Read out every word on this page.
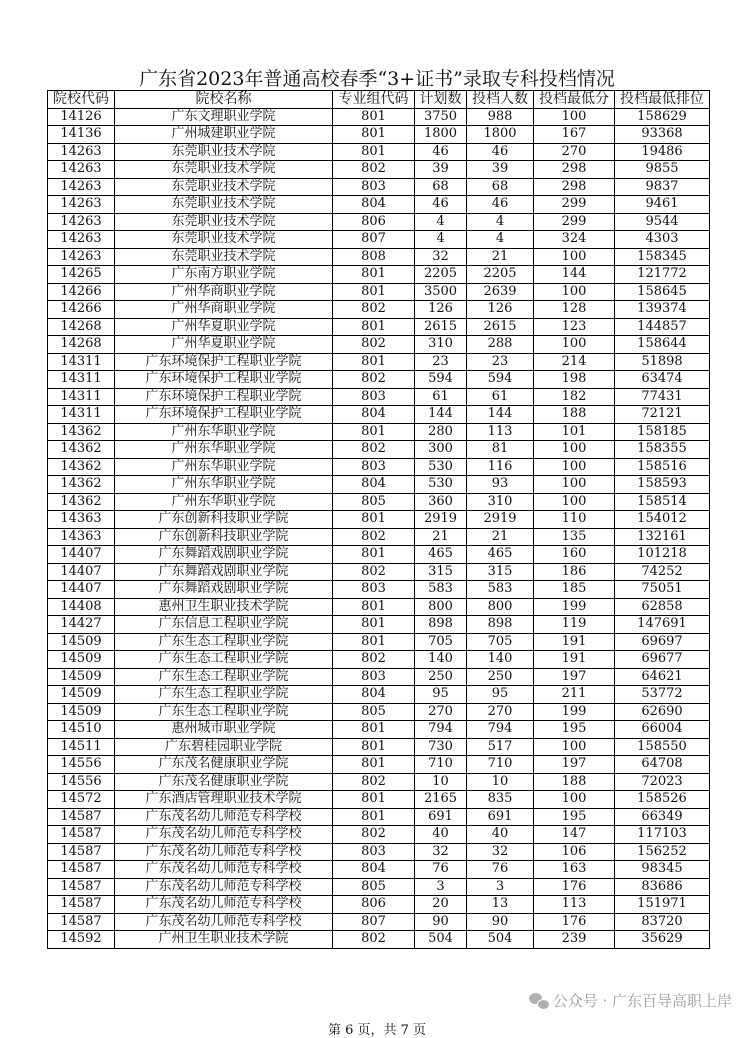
广东省2023年普通高校春季“3+证书”录取专科投档情况
院校代码	院校名称	专业组代码	计划数	投档人数	投档最低分	投档最低排位
14126	广东文理职业学院	801	3750	988	100	158629
14136	广州城建职业学院	801	1800	1800	167	93368
14263	东莞职业技术学院	801	46	46	270	19486
14263	东莞职业技术学院	802	39	39	298	9855
14263	东莞职业技术学院	803	68	68	298	9837
14263	东莞职业技术学院	804	46	46	299	9461
14263	东莞职业技术学院	806	4	4	299	9544
14263	东莞职业技术学院	807	4	4	324	4303
14263	东莞职业技术学院	808	32	21	100	158345
14265	广东南方职业学院	801	2205	2205	144	121772
14266	广州华商职业学院	801	3500	2639	100	158645
14266	广州华商职业学院	802	126	126	128	139374
14268	广州华夏职业学院	801	2615	2615	123	144857
14268	广州华夏职业学院	802	310	288	100	158644
14311	广东环境保护工程职业学院	801	23	23	214	51898
14311	广东环境保护工程职业学院	802	594	594	198	63474
14311	广东环境保护工程职业学院	803	61	61	182	77431
14311	广东环境保护工程职业学院	804	144	144	188	72121
14362	广州东华职业学院	801	280	113	101	158185
14362	广州东华职业学院	802	300	81	100	158355
14362	广州东华职业学院	803	530	116	100	158516
14362	广州东华职业学院	804	530	93	100	158593
14362	广州东华职业学院	805	360	310	100	158514
14363	广东创新科技职业学院	801	2919	2919	110	154012
14363	广东创新科技职业学院	802	21	21	135	132161
14407	广东舞蹈戏剧职业学院	801	465	465	160	101218
14407	广东舞蹈戏剧职业学院	802	315	315	186	74252
14407	广东舞蹈戏剧职业学院	803	583	583	185	75051
14408	惠州卫生职业技术学院	801	800	800	199	62858
14427	广东信息工程职业学院	801	898	898	119	147691
14509	广东生态工程职业学院	801	705	705	191	69697
14509	广东生态工程职业学院	802	140	140	191	69677
14509	广东生态工程职业学院	803	250	250	197	64621
14509	广东生态工程职业学院	804	95	95	211	53772
14509	广东生态工程职业学院	805	270	270	199	62690
14510	惠州城市职业学院	801	794	794	195	66004
14511	广东碧桂园职业学院	801	730	517	100	158550
14556	广东茂名健康职业学院	801	710	710	197	64708
14556	广东茂名健康职业学院	802	10	10	188	72023
14572	广东酒店管理职业技术学院	801	2165	835	100	158526
14587	广东茂名幼儿师范专科学校	801	691	691	195	66349
14587	广东茂名幼儿师范专科学校	802	40	40	147	117103
14587	广东茂名幼儿师范专科学校	803	32	32	106	156252
14587	广东茂名幼儿师范专科学校	804	76	76	163	98345
14587	广东茂名幼儿师范专科学校	805	3	3	176	83686
14587	广东茂名幼儿师范专科学校	806	20	13	113	151971
14587	广东茂名幼儿师范专科学校	807	90	90	176	83720
14592	广州卫生职业技术学院	802	504	504	239	35629
公众号 · 广东百导高职上岸
第 6 页，共 7 页
